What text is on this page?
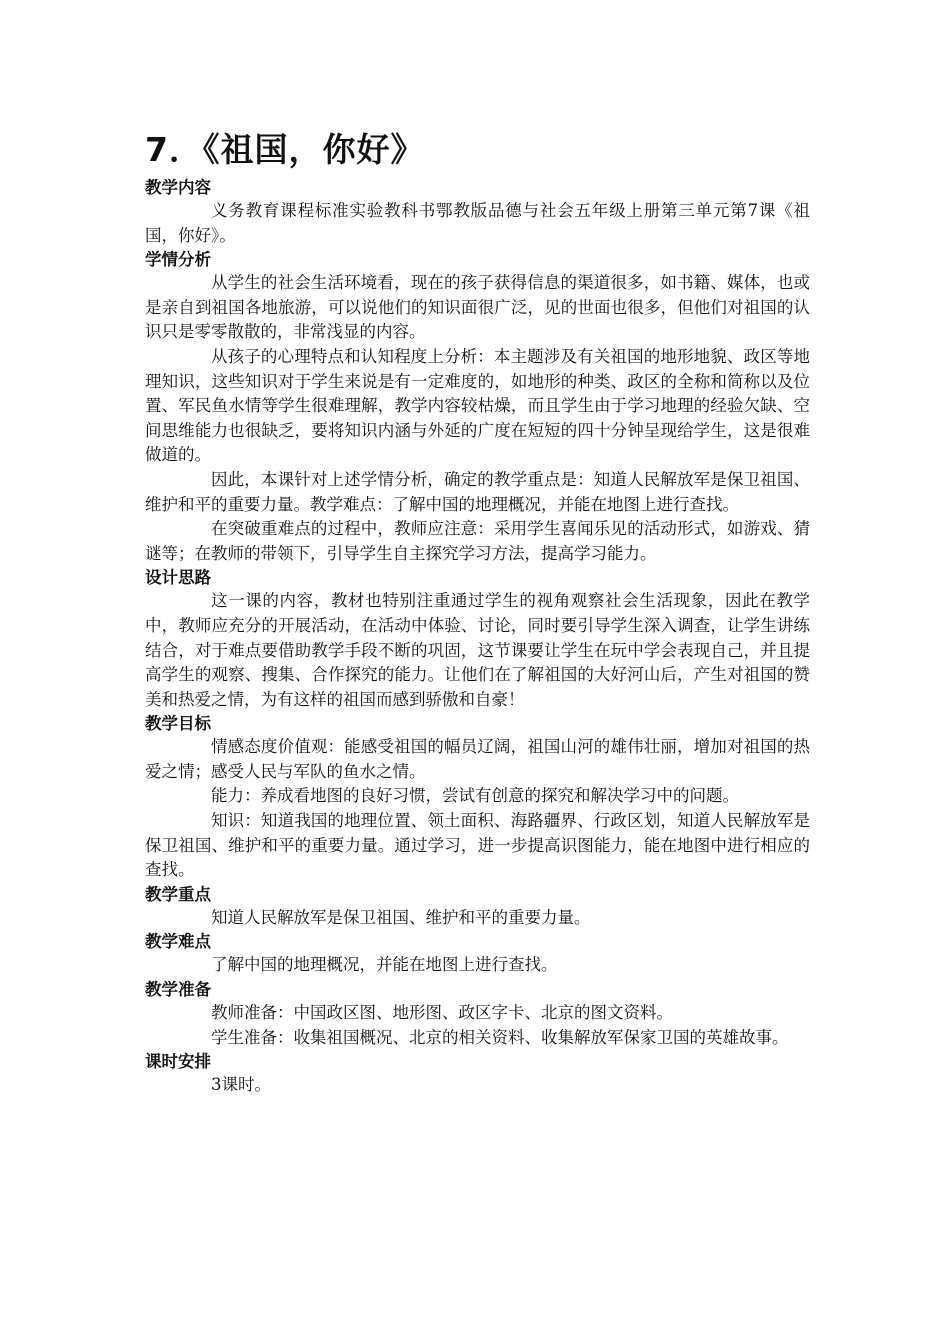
7．《祖国，你好》
教学内容

义务教育课程标准实验教科书鄂教版品德与社会五年级上册第三单元第7课《祖国，你好》。

学情分析

从学生的社会生活环境看，现在的孩子获得信息的渠道很多，如书籍、媒体，也或是亲自到祖国各地旅游，可以说他们的知识面很广泛，见的世面也很多，但他们对祖国的认识只是零零散散的，非常浅显的内容。

从孩子的心理特点和认知程度上分析：本主题涉及有关祖国的地形地貌、政区等地理知识，这些知识对于学生来说是有一定难度的，如地形的种类、政区的全称和简称以及位置、军民鱼水情等学生很难理解，教学内容较枯燥，而且学生由于学习地理的经验欠缺、空间思维能力也很缺乏，要将知识内涵与外延的广度在短短的四十分钟呈现给学生，这是很难做道的。

因此，本课针对上述学情分析，确定的教学重点是：知道人民解放军是保卫祖国、维护和平的重要力量。教学难点：了解中国的地理概况，并能在地图上进行查找。

在突破重难点的过程中，教师应注意：采用学生喜闻乐见的活动形式，如游戏、猜谜等；在教师的带领下，引导学生自主探究学习方法，提高学习能力。

设计思路

这一课的内容，教材也特别注重通过学生的视角观察社会生活现象，因此在教学中，教师应充分的开展活动，在活动中体验、讨论，同时要引导学生深入调查，让学生讲练结合，对于难点要借助教学手段不断的巩固，这节课要让学生在玩中学会表现自己，并且提高学生的观察、搜集、合作探究的能力。让他们在了解祖国的大好河山后，产生对祖国的赞美和热爱之情，为有这样的祖国而感到骄傲和自豪！

教学目标

情感态度价值观：能感受祖国的幅员辽阔，祖国山河的雄伟壮丽，增加对祖国的热爱之情；感受人民与军队的鱼水之情。

能力：养成看地图的良好习惯，尝试有创意的探究和解决学习中的问题。

知识：知道我国的地理位置、领土面积、海路疆界、行政区划，知道人民解放军是保卫祖国、维护和平的重要力量。通过学习，进一步提高识图能力，能在地图中进行相应的查找。

教学重点

知道人民解放军是保卫祖国、维护和平的重要力量。

教学难点

了解中国的地理概况，并能在地图上进行查找。

教学准备

教师准备：中国政区图、地形图、政区字卡、北京的图文资料。

学生准备：收集祖国概况、北京的相关资料、收集解放军保家卫国的英雄故事。

课时安排

3课时。
